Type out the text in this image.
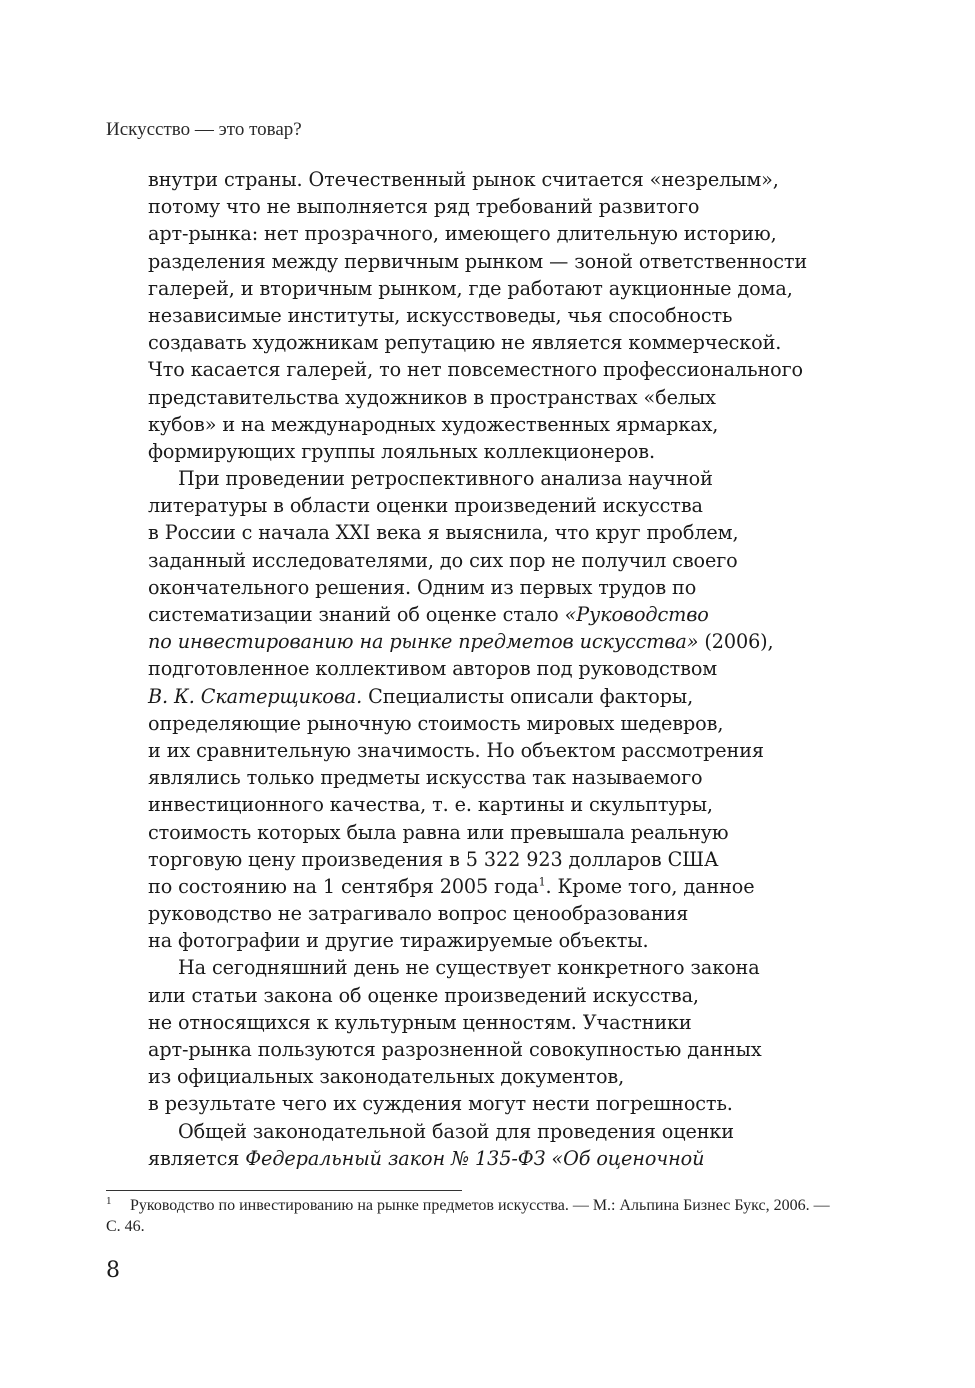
Искусство — это товар?
внутри страны. Отечественный рынок считается «незрелым»,
потому что не выполняется ряд требований развитого
арт-рынка: нет прозрачного, имеющего длительную историю,
разделения между первичным рынком — зоной ответственности
галерей, и вторичным рынком, где работают аукционные дома,
независимые институты, искусствоведы, чья способность
создавать художникам репутацию не является коммерческой.
Что касается галерей, то нет повсеместного профессионального
представительства художников в пространствах «белых
кубов» и на международных художественных ярмарках,
формирующих группы лояльных коллекционеров.
При проведении ретроспективного анализа научной
литературы в области оценки произведений искусства
в России с начала XXI века я выяснила, что круг проблем,
заданный исследователями, до сих пор не получил своего
окончательного решения. Одним из первых трудов по
систематизации знаний об оценке стало «Руководство
по инвестированию на рынке предметов искусства» (2006),
подготовленное коллективом авторов под руководством
В. К. Скатерщикова. Специалисты описали факторы,
определяющие рыночную стоимость мировых шедевров,
и их сравнительную значимость. Но объектом рассмотрения
являлись только предметы искусства так называемого
инвестиционного качества, т. е. картины и скульптуры,
стоимость которых была равна или превышала реальную
торговую цену произведения в 5 322 923 долларов США
по состоянию на 1 сентября 2005 года$^1$. Кроме того, данное
руководство не затрагивало вопрос ценообразования
на фотографии и другие тиражируемые объекты.
На сегодняшний день не существует конкретного закона
или статьи закона об оценке произведений искусства,
не относящихся к культурным ценностям. Участники
арт-рынка пользуются разрозненной совокупностью данных
из официальных законодательных документов,
в результате чего их суждения могут нести погрешность.
Общей законодательной базой для проведения оценки
является Федеральный закон № 135-ФЗ «Об оценочной
1 Руководство по инвестированию на рынке предметов искусства. — М.: Альпина Бизнес Букс, 2006. —
С. 46.
8
